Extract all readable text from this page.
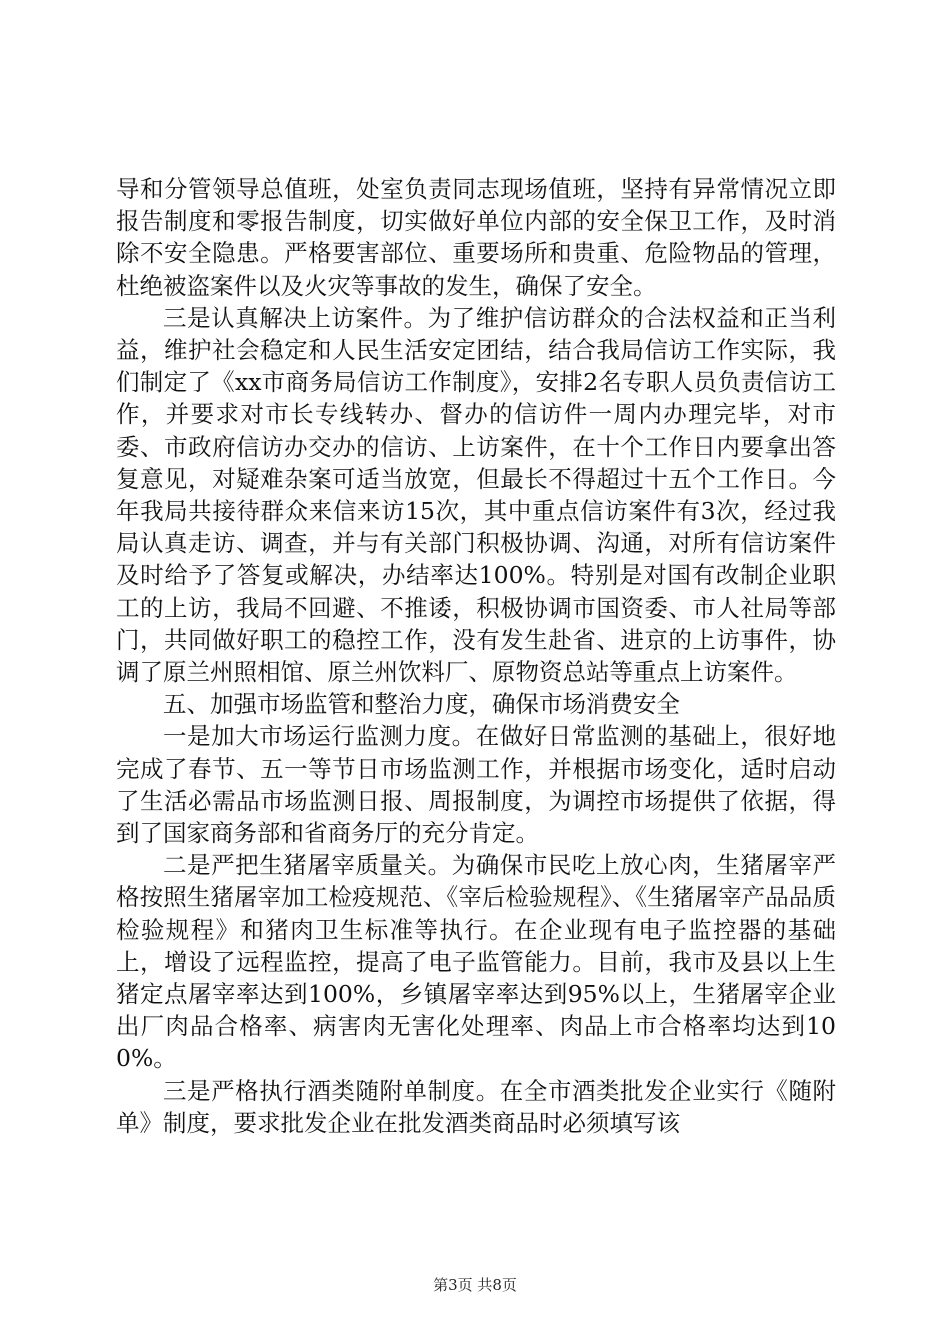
导和分管领导总值班，处室负责同志现场值班，坚持有异常情况立即报告制度和零报告制度，切实做好单位内部的安全保卫工作，及时消除不安全隐患。严格要害部位、重要场所和贵重、危险物品的管理，杜绝被盗案件以及火灾等事故的发生，确保了安全。

三是认真解决上访案件。为了维护信访群众的合法权益和正当利益，维护社会稳定和人民生活安定团结，结合我局信访工作实际，我们制定了《xx市商务局信访工作制度》，安排2名专职人员负责信访工作，并要求对市长专线转办、督办的信访件一周内办理完毕，对市委、市政府信访办交办的信访、上访案件，在十个工作日内要拿出答复意见，对疑难杂案可适当放宽，但最长不得超过十五个工作日。今年我局共接待群众来信来访15次，其中重点信访案件有3次，经过我局认真走访、调查，并与有关部门积极协调、沟通，对所有信访案件及时给予了答复或解决，办结率达100%。特别是对国有改制企业职工的上访，我局不回避、不推诿，积极协调市国资委、市人社局等部门，共同做好职工的稳控工作，没有发生赴省、进京的上访事件，协调了原兰州照相馆、原兰州饮料厂、原物资总站等重点上访案件。

五、加强市场监管和整治力度，确保市场消费安全

一是加大市场运行监测力度。在做好日常监测的基础上，很好地完成了春节、五一等节日市场监测工作，并根据市场变化，适时启动了生活必需品市场监测日报、周报制度，为调控市场提供了依据，得到了国家商务部和省商务厅的充分肯定。

二是严把生猪屠宰质量关。为确保市民吃上放心肉，生猪屠宰严格按照生猪屠宰加工检疫规范、《宰后检验规程》、《生猪屠宰产品品质检验规程》和猪肉卫生标准等执行。在企业现有电子监控器的基础上，增设了远程监控，提高了电子监管能力。目前，我市及县以上生猪定点屠宰率达到100%，乡镇屠宰率达到95%以上，生猪屠宰企业出厂肉品合格率、病害肉无害化处理率、肉品上市合格率均达到100%。

三是严格执行酒类随附单制度。在全市酒类批发企业实行《随附单》制度，要求批发企业在批发酒类商品时必须填写该

第3页 共8页
